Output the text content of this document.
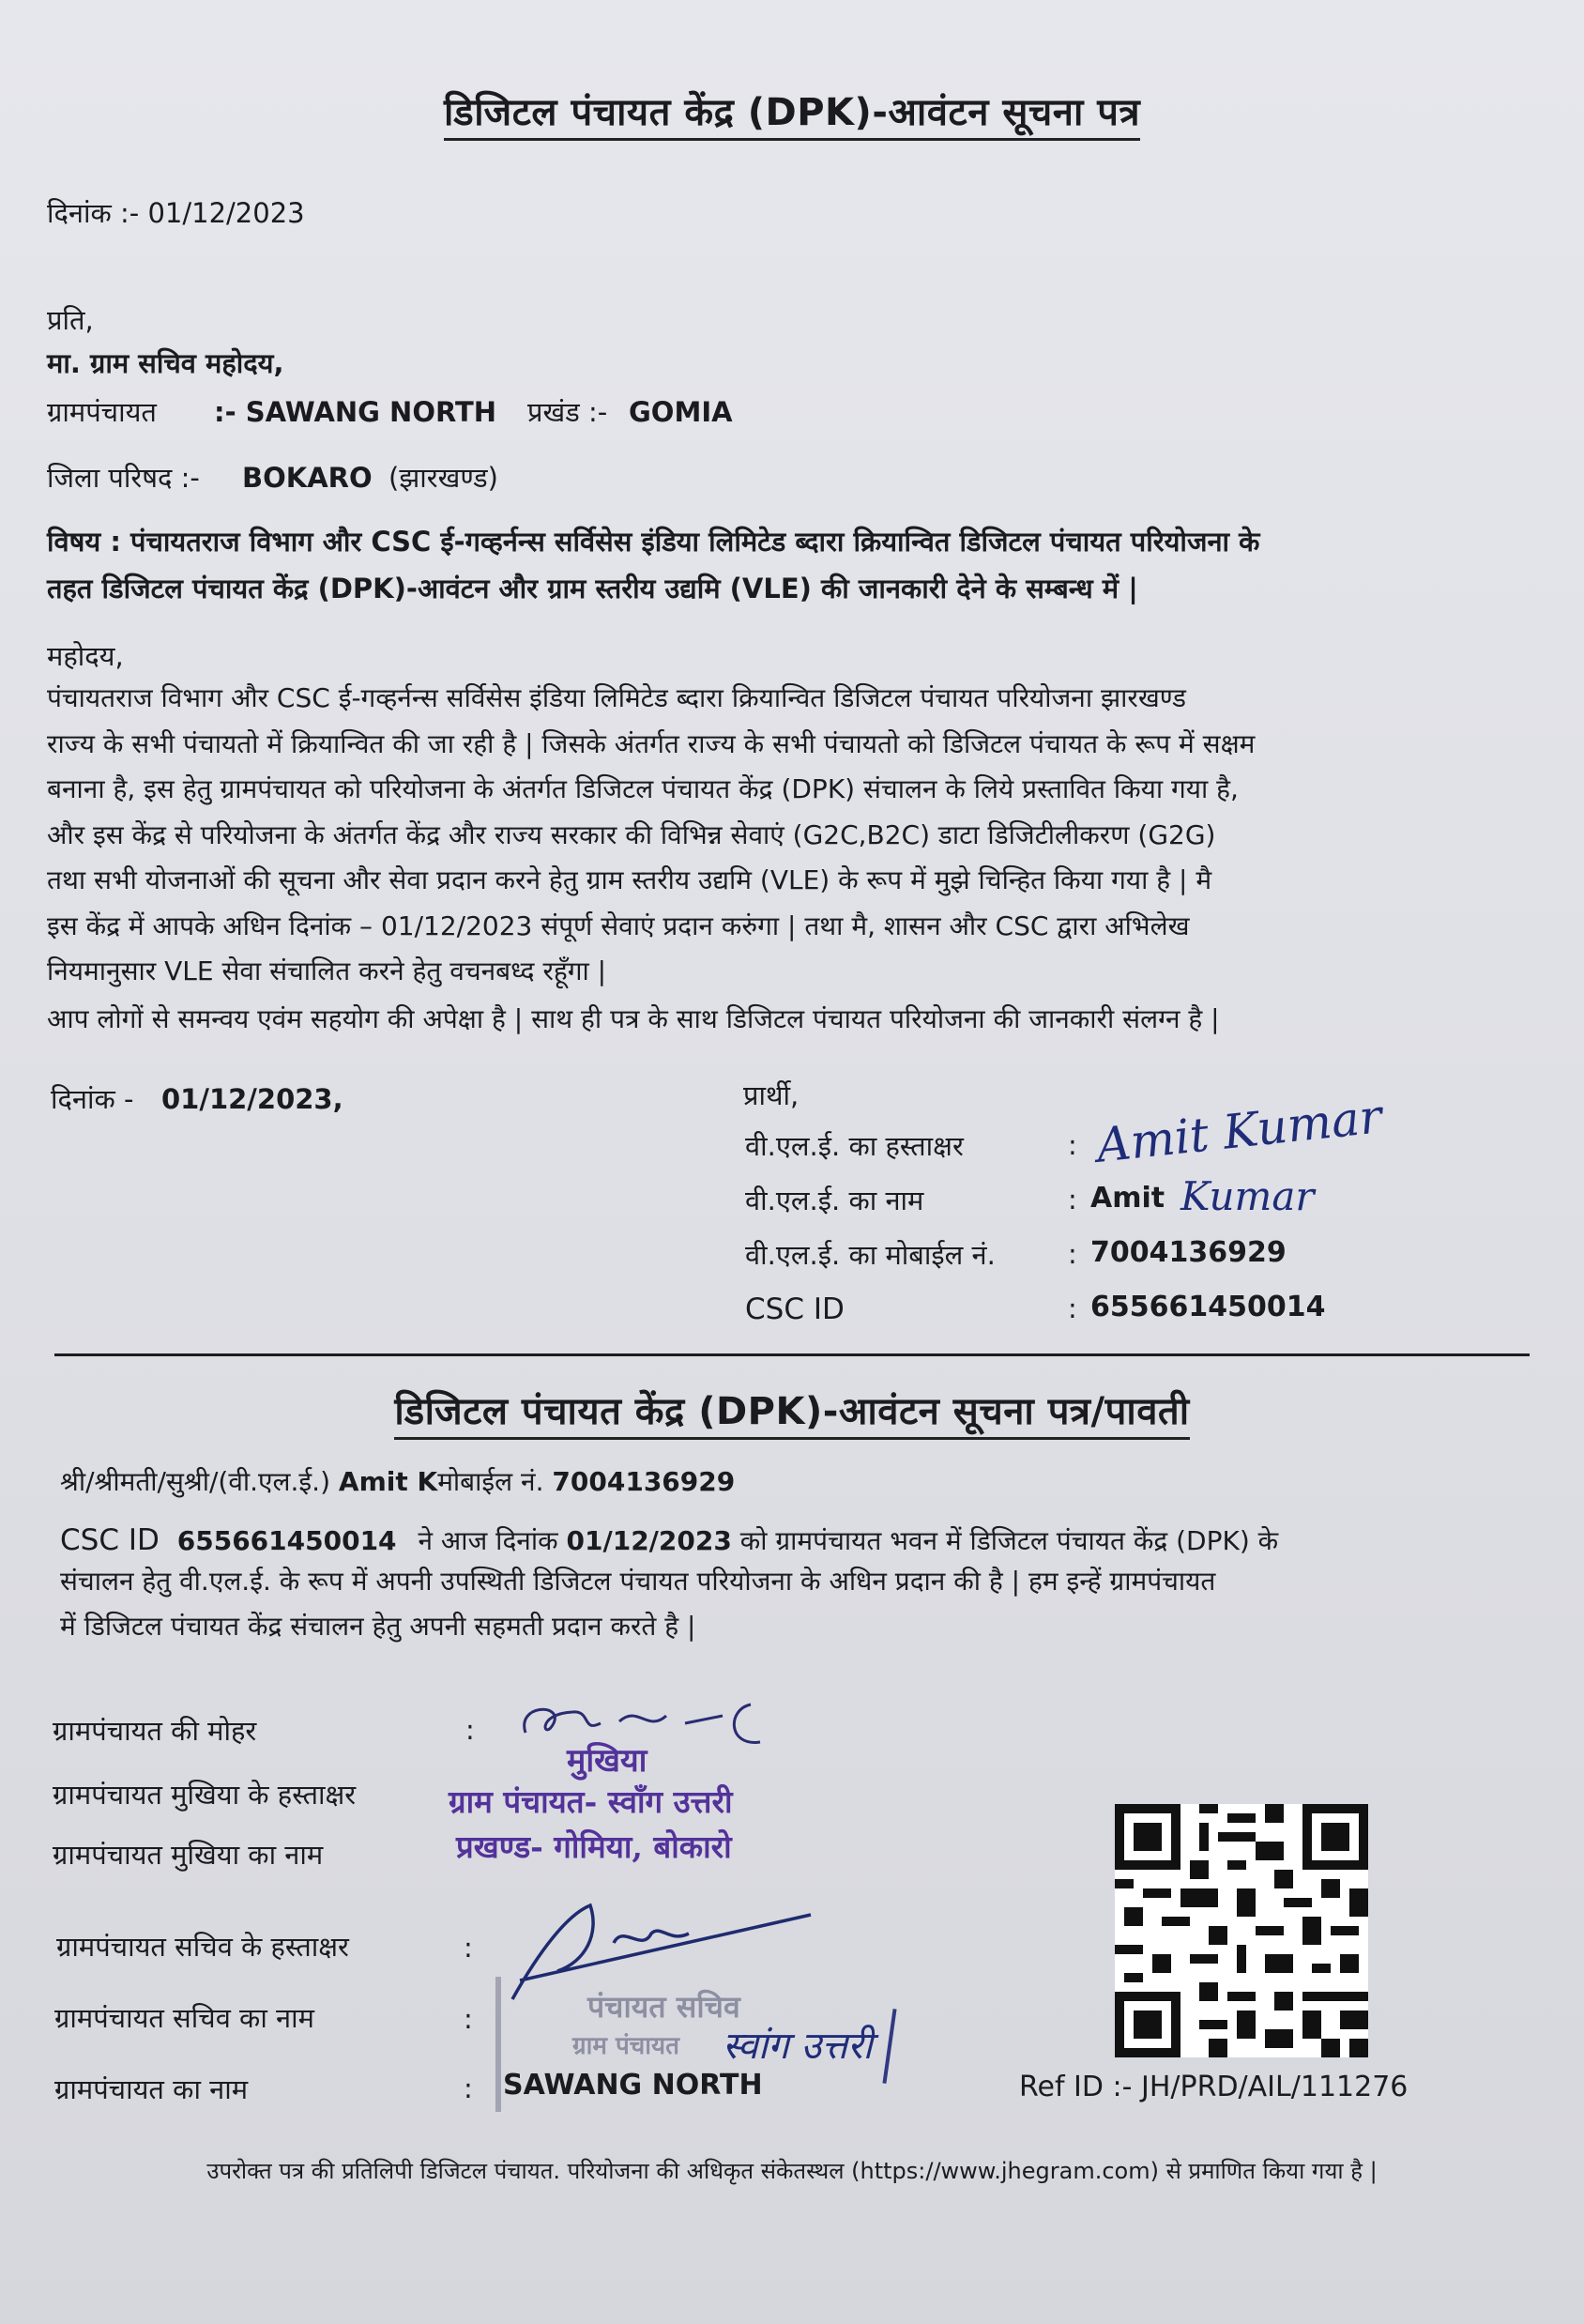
डिजिटल पंचायत केंद्र (DPK)-आवंटन सूचना पत्र
दिनांक :- 01/12/2023
प्रति,
मा. ग्राम सचिव महोदय,
ग्रामपंचायत :- SAWANG NORTH प्रखंड :- GOMIA
जिला परिषद :- BOKARO (झारखण्ड)

विषय : पंचायतराज विभाग और CSC ई-गव्हर्नन्स सर्विसेस इंडिया लिमिटेड ब्दारा क्रियान्वित डिजिटल पंचायत परियोजना के

तहत डिजिटल पंचायत केंद्र (DPK)-आवंटन और ग्राम स्तरीय उद्यमि (VLE) की जानकारी देने के सम्बन्ध में |

महोदय,

पंचायतराज विभाग और CSC ई-गव्हर्नन्स सर्विसेस इंडिया लिमिटेड ब्दारा क्रियान्वित डिजिटल पंचायत परियोजना झारखण्ड

राज्य के सभी पंचायतो में क्रियान्वित की जा रही है | जिसके अंतर्गत राज्य के सभी पंचायतो को डिजिटल पंचायत के रूप में सक्षम

बनाना है, इस हेतु ग्रामपंचायत को परियोजना के अंतर्गत डिजिटल पंचायत केंद्र (DPK) संचालन के लिये प्रस्तावित किया गया है,

और इस केंद्र से परियोजना के अंतर्गत केंद्र और राज्य सरकार की विभिन्न सेवाएं (G2C,B2C) डाटा डिजिटीलीकरण (G2G)

तथा सभी योजनाओं की सूचना और सेवा प्रदान करने हेतु ग्राम स्तरीय उद्यमि (VLE) के रूप में मुझे चिन्हित किया गया है | मै

इस केंद्र में आपके अधिन दिनांक – 01/12/2023 संपूर्ण सेवाएं प्रदान करुंगा | तथा मै, शासन और CSC द्वारा अभिलेख

नियमानुसार VLE सेवा संचालित करने हेतु वचनबध्द रहूँगा |

आप लोगों से समन्वय एवंम सहयोग की अपेक्षा है | साथ ही पत्र के साथ डिजिटल पंचायत परियोजना की जानकारी संलग्न है |
दिनांक - 01/12/2023,	प्रार्थी,
वी.एल.ई. का हस्ताक्षर	: Amit Kumar
वी.एल.ई. का नाम	: Amit Kumar
वी.एल.ई. का मोबाईल नं.	: 7004136929
CSC ID	: 655661450014
डिजिटल पंचायत केंद्र (DPK)-आवंटन सूचना पत्र/पावती
श्री/श्रीमती/सुश्री/(वी.एल.ई.) Amit Kमोबाईल नं. 7004136929
CSC ID 655661450014 ने आज दिनांक 01/12/2023 को ग्रामपंचायत भवन में डिजिटल पंचायत केंद्र (DPK) के
संचालन हेतु वी.एल.ई. के रूप में अपनी उपस्थिती डिजिटल पंचायत परियोजना के अधिन प्रदान की है | हम इन्हें ग्रामपंचायत
में डिजिटल पंचायत केंद्र संचालन हेतु अपनी सहमती प्रदान करते है |
ग्रामपंचायत की मोहर	:
ग्रामपंचायत मुखिया के हस्ताक्षर
ग्रामपंचायत मुखिया का नाम
ग्रामपंचायत सचिव के हस्ताक्षर	:
ग्रामपंचायत सचिव का नाम	:
ग्रामपंचायत का नाम	: SAWANG NORTH
मुखिया
ग्राम पंचायत- स्वाँग उत्तरी
प्रखण्ड- गोमिया, बोकारो
पंचायत सचिव
ग्राम पंचायत स्वांग उत्तरी
Ref ID :- JH/PRD/AIL/111276
उपरोक्त पत्र की प्रतिलिपी डिजिटल पंचायत. परियोजना की अधिकृत संकेतस्थल (https://www.jhegram.com) से प्रमाणित किया गया है |
